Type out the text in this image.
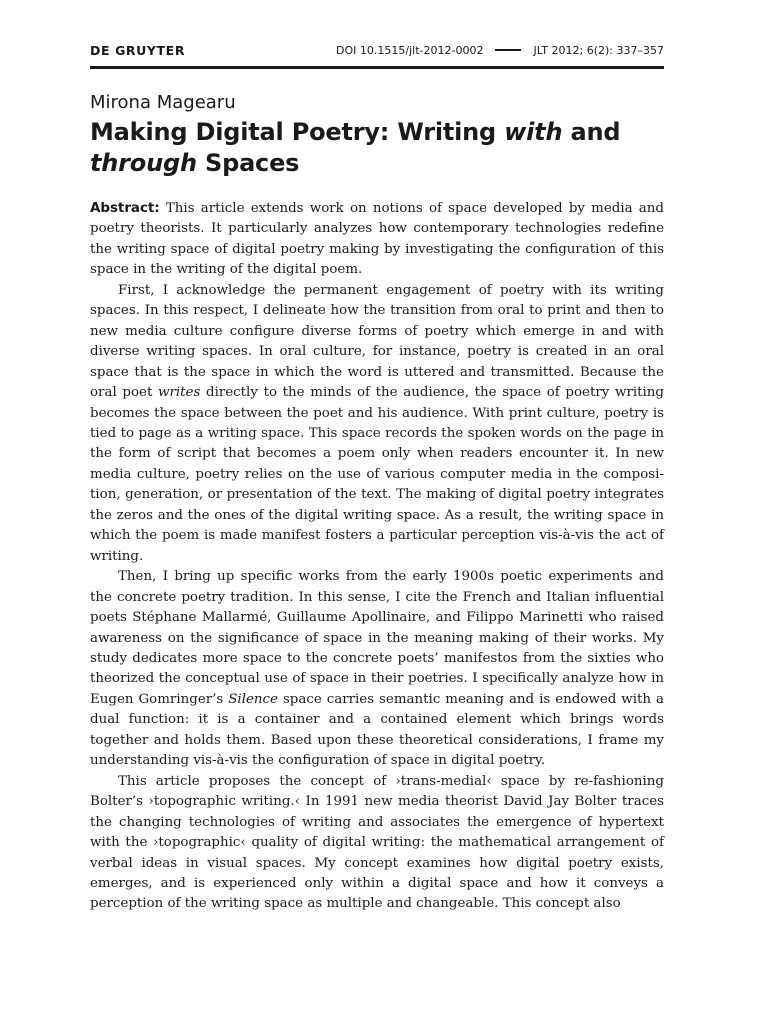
DE GRUYTER	DOI 10.1515/jlt-2012-0002	JLT 2012; 6(2): 337–357
Mirona Magearu
Making Digital Poetry: Writing with and
through Spaces

Abstract: This article extends work on notions of space developed by media and poetry theorists. It particularly analyzes how contemporary technologies redefine the writing space of digital poetry making by investigating the configuration of this space in the writing of the digital poem.

First, I acknowledge the permanent engagement of poetry with its writing spaces. In this respect, I delineate how the transition from oral to print and then to new media culture configure diverse forms of poetry which emerge in and with diverse writing spaces. In oral culture, for instance, poetry is created in an oral space that is the space in which the word is uttered and transmitted. Because the oral poet writes directly to the minds of the audience, the space of poetry writing becomes the space between the poet and his audience. With print culture, poetry is tied to page as a writing space. This space records the spoken words on the page in the form of script that becomes a poem only when readers encounter it. In new media culture, poetry relies on the use of various computer media in the composition, generation, or presentation of the text. The making of digital poetry integrates the zeros and the ones of the digital writing space. As a result, the writing space in which the poem is made manifest fosters a particular perception vis-à-vis the act of writing.

Then, I bring up specific works from the early 1900s poetic experiments and the concrete poetry tradition. In this sense, I cite the French and Italian influential poets Stéphane Mallarmé, Guillaume Apollinaire, and Filippo Marinetti who raised awareness on the significance of space in the meaning making of their works. My study dedicates more space to the concrete poets’ manifestos from the sixties who theorized the conceptual use of space in their poetries. I specifically analyze how in Eugen Gomringer’s Silence space carries semantic meaning and is endowed with a dual function: it is a container and a contained element which brings words together and holds them. Based upon these theoretical considerations, I frame my understanding vis-à-vis the configuration of space in digital poetry.

This article proposes the concept of ›trans-medial‹ space by re-fashioning Bolter’s ›topographic writing.‹ In 1991 new media theorist David Jay Bolter traces the changing technologies of writing and associates the emergence of hypertext with the ›topographic‹ quality of digital writing: the mathematical arrangement of verbal ideas in visual spaces. My concept examines how digital poetry exists, emerges, and is experienced only within a digital space and how it conveys a perception of the writing space as multiple and changeable. This concept also
